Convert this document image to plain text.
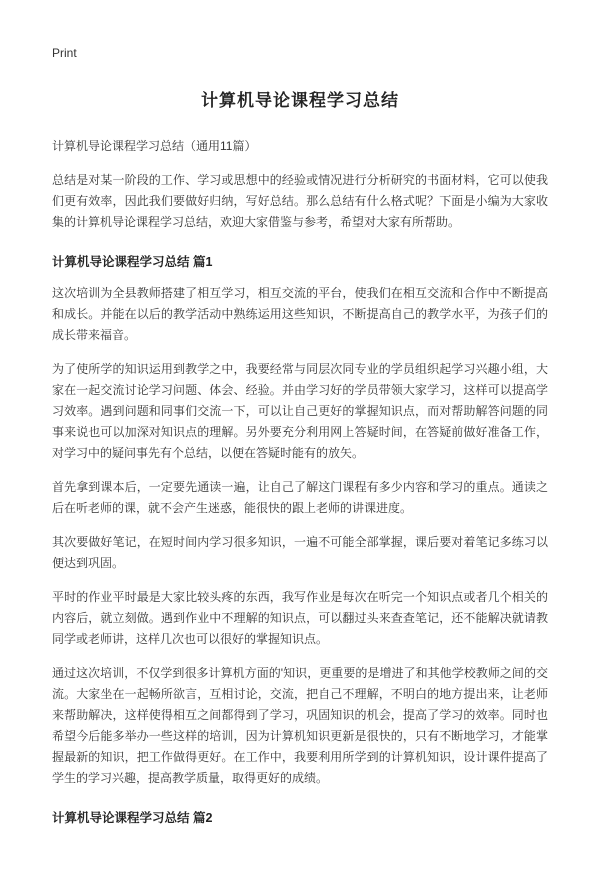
Print
计算机导论课程学习总结
计算机导论课程学习总结（通用11篇）

总结是对某一阶段的工作、学习或思想中的经验或情况进行分析研究的书面材料，它可以使我们更有效率，因此我们要做好归纳，写好总结。那么总结有什么格式呢？下面是小编为大家收集的计算机导论课程学习总结，欢迎大家借鉴与参考，希望对大家有所帮助。

计算机导论课程学习总结 篇1

这次培训为全县教师搭建了相互学习，相互交流的平台，使我们在相互交流和合作中不断提高和成长。并能在以后的教学活动中熟练运用这些知识，不断提高自己的教学水平，为孩子们的成长带来福音。

为了使所学的知识运用到教学之中，我要经常与同层次同专业的学员组织起学习兴趣小组，大家在一起交流讨论学习问题、体会、经验。并由学习好的学员带领大家学习，这样可以提高学习效率。遇到问题和同事们交流一下，可以让自己更好的掌握知识点，而对帮助解答问题的同事来说也可以加深对知识点的理解。另外要充分利用网上答疑时间，在答疑前做好准备工作，对学习中的疑问事先有个总结，以便在答疑时能有的放矢。

首先拿到课本后，一定要先通读一遍，让自己了解这门课程有多少内容和学习的重点。通读之后在听老师的课，就不会产生迷惑，能很快的跟上老师的讲课进度。

其次要做好笔记，在短时间内学习很多知识，一遍不可能全部掌握，课后要对着笔记多练习以便达到巩固。

平时的作业平时最是大家比较头疼的东西，我写作业是每次在听完一个知识点或者几个相关的内容后，就立刻做。遇到作业中不理解的知识点，可以翻过头来查查笔记，还不能解决就请教同学或老师讲，这样几次也可以很好的掌握知识点。

通过这次培训，不仅学到很多计算机方面的'知识，更重要的是增进了和其他学校教师之间的交流。大家坐在一起畅所欲言，互相讨论，交流，把自己不理解，不明白的地方提出来，让老师来帮助解决，这样使得相互之间都得到了学习，巩固知识的机会，提高了学习的效率。同时也希望今后能多举办一些这样的培训，因为计算机知识更新是很快的，只有不断地学习，才能掌握最新的知识，把工作做得更好。在工作中，我要利用所学到的计算机知识，设计课件提高了学生的学习兴趣，提高教学质量，取得更好的成绩。

计算机导论课程学习总结 篇2
